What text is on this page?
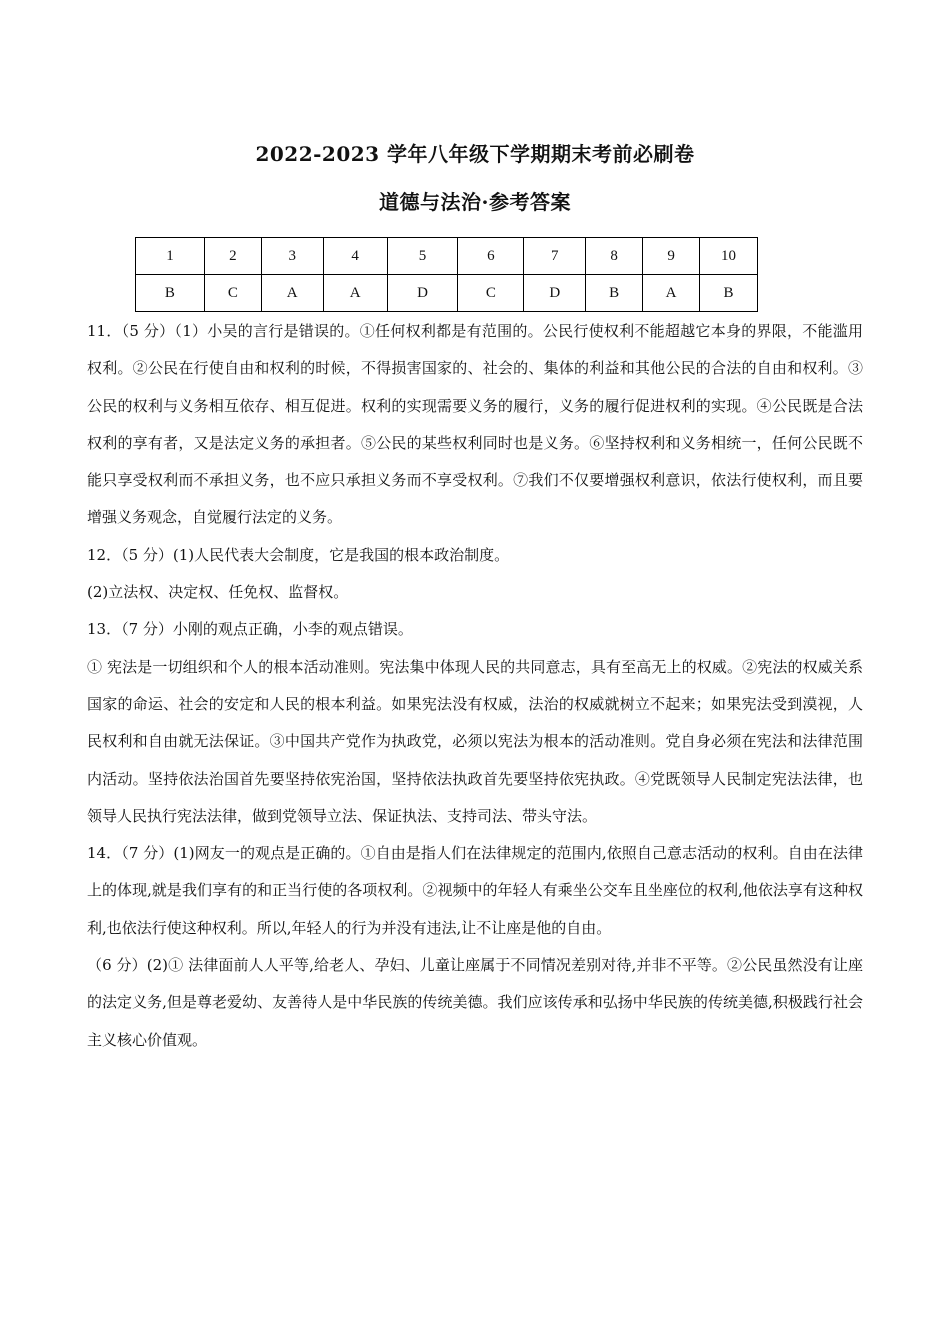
2022-2023 学年八年级下学期期末考前必刷卷
道德与法治·参考答案
1	2	3	4	5	6	7	8	9	10
B	C	A	A	D	C	D	B	A	B

11．（5 分）（1）小吴的言行是错误的。①任何权利都是有范围的。公民行使权利不能超越它本身的界限，不能滥用权利。②公民在行使自由和权利的时候，不得损害国家的、社会的、集体的利益和其他公民的合法的自由和权利。③公民的权利与义务相互依存、相互促进。权利的实现需要义务的履行，义务的履行促进权利的实现。④公民既是合法权利的享有者，又是法定义务的承担者。⑤公民的某些权利同时也是义务。⑥坚持权利和义务相统一，任何公民既不能只享受权利而不承担义务，也不应只承担义务而不享受权利。⑦我们不仅要增强权利意识，依法行使权利，而且要增强义务观念，自觉履行法定的义务。

12．（5 分）(1)人民代表大会制度，它是我国的根本政治制度。

(2)立法权、决定权、任免权、监督权。

13．（7 分）小刚的观点正确，小李的观点错误。

① 宪法是一切组织和个人的根本活动准则。宪法集中体现人民的共同意志，具有至高无上的权威。②宪法的权威关系国家的命运、社会的安定和人民的根本利益。如果宪法没有权威，法治的权威就树立不起来；如果宪法受到漠视，人民权利和自由就无法保证。③中国共产党作为执政党，必须以宪法为根本的活动准则。党自身必须在宪法和法律范围内活动。坚持依法治国首先要坚持依宪治国，坚持依法执政首先要坚持依宪执政。④党既领导人民制定宪法法律，也领导人民执行宪法法律，做到党领导立法、保证执法、支持司法、带头守法。

14．（7 分）(1)网友一的观点是正确的。①自由是指人们在法律规定的范围内,依照自己意志活动的权利。自由在法律上的体现,就是我们享有的和正当行使的各项权利。②视频中的年轻人有乘坐公交车且坐座位的权利,他依法享有这种权利,也依法行使这种权利。所以,年轻人的行为并没有违法,让不让座是他的自由。

（6 分）(2)① 法律面前人人平等,给老人、孕妇、儿童让座属于不同情况差别对待,并非不平等。②公民虽然没有让座的法定义务,但是尊老爱幼、友善待人是中华民族的传统美德。我们应该传承和弘扬中华民族的传统美德,积极践行社会主义核心价值观。
